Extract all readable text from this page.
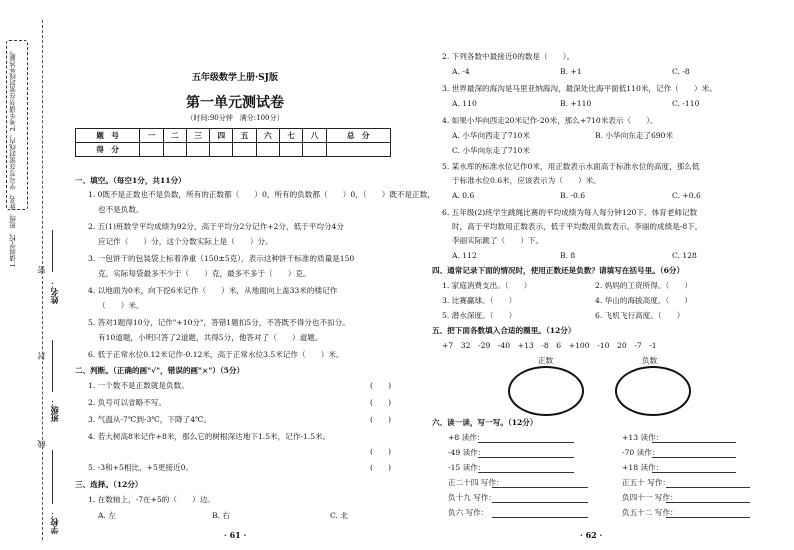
1.请将学校、班级、姓名、学号写在密封线内。2.考生请勿在密封线外答题。
姓名：
班级：
学校：
密
封
线
五年级数学上册·SJ版
第一单元测试卷
（时间:90分钟　满分:100分）
题　号	一	二	三	四	五	六	七	八	总　分
得　分									
一、填空。（每空1分，共11分）
1. 0既不是正数也不是负数，所有的正数都（　　）0，所有的负数都（　　）0，（　　）既不是正数，
也不是负数。
2. 五(1)班数学平均成绩为92分，高于平均分2分记作+2分，低于平均分4分
应记作（　　）分，这个分数实际上是（　　）分。
3. 一包饼干的包装袋上标着净重（150±5克），表示这种饼干标准的质量是150
克，实际每袋最多不少于（　　）克，最多不多于（　　）克。
4. 以地面为0米，向下挖6米记作（　　）米，从地面向上盖33米的楼记作
（　　）米。
5. 答对1题得10分，记作"+10分"，答错1题扣5分，不答既不得分也不扣分。
有10道题，小明只答了2道题，共得5分，他答对了（　　）道题。
6. 低于正常水位0.12米记作-0.12米，高于正常水位3.5米记作（　　）米。
二、判断。（正确的画"√"，错误的画"×"）（5分）
1. 一个数不是正数就是负数。	(　　)
2. 负号可以省略不写。	(　　)
3. 气温从-7℃到-3℃，下降了4℃。	(　　)
4. 若大树高8米记作+8米，那么它的树根深达地下1.5米，记作-1.5米。
(　　)
5. -3和+5相比，+5更接近0。	(　　)
三、选择。（12分）
1. 在数轴上，-7在+5的（　　）边。
A. 左	B. 右	C. 北
· 61 ·
2. 下列各数中最接近0的数是（　　）。
A. -4	B. +1	C. -8
3. 世界最深的海沟是马里亚纳海沟，最深处比海平面低110米，记作（　　）米。
A. 110	B. +110	C. -110
4. 如果小华向西走20米记作-20米，那么+710米表示（　　）。
A. 小华向西走了710米	B. 小华向东走了690米
C. 小华向东走了710米
5. 某水库的标准水位记作0米，用正数表示水面高于标准水位的高度，那么低
于标准水位0.6米，应该表示为（　　）米。
A. 0.6	B. -0.6	C. +0.6
6. 五年级(2)班学生跳绳比赛的平均成绩为每人每分钟120下。体育老师记数
时，高于平均数用正数表示，低于平均数用负数表示。李丽的成绩是-8下，
李丽实际跳了（　　）下。
A. 112	B. 8	C. 128
四、通常记录下面的情况时，使用正数还是负数？请填写在括号里。（6分）
1. 家庭消费支出。（　　）	2. 妈妈的工资所得。（　　）
3. 比赛赢球。（　　）	4. 华山的海拔高度。（　　）
5. 潜水深度。（　　）	6. 飞机飞行高度。（　　）
五、把下面各数填入合适的圈里。（12分）
+7　32　-29　-40　+13　-8　6　+100　-10　20　-7　-1
正数	负数
六、读一读，写一写。（12分）
+8 读作：	+13 读作：
-49 读作：	-70 读作：
-15 读作：	+18 读作：
正二十四 写作：	正五十 写作：
负十九 写作：	负四十一 写作：
负六 写作：	负五十二 写作：
· 62 ·
